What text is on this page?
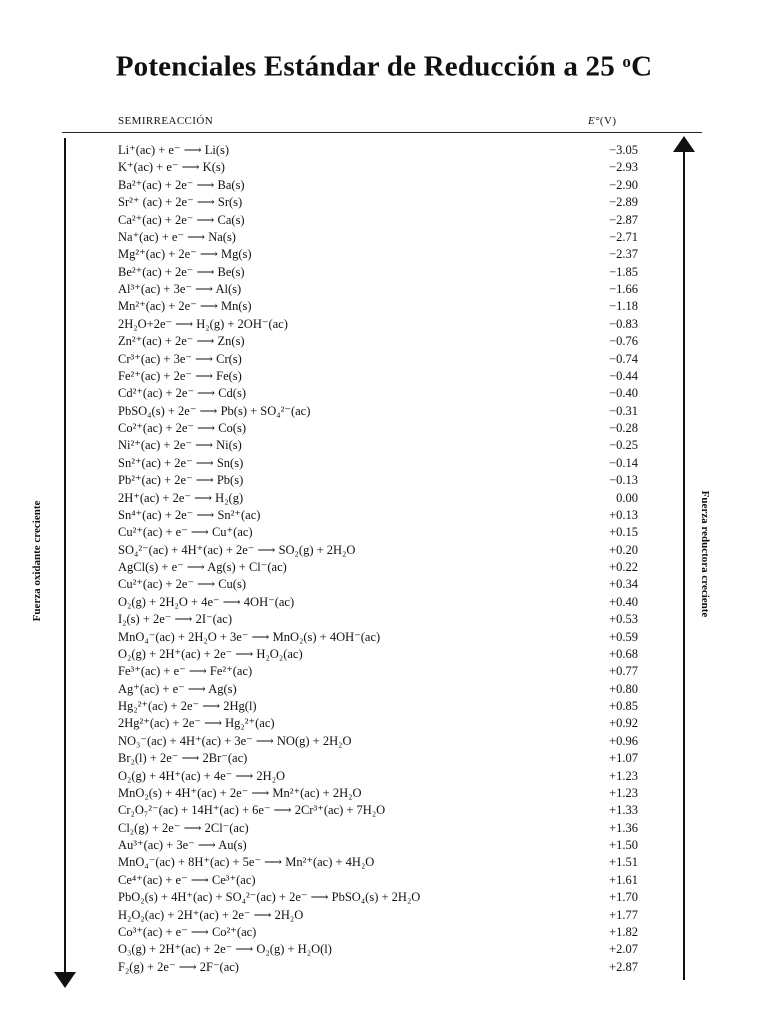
Potenciales Estándar de Reducción a 25 $^o$C
SEMIRREACCIÓN	E°(V)
Fuerza oxidante creciente	Fuerza reductora creciente
Li⁺(ac) + e⁻ ⟶ Li(s)	−3.05
K⁺(ac) + e⁻ ⟶ K(s)	−2.93
Ba²⁺(ac) + 2e⁻ ⟶ Ba(s)	−2.90
Sr²⁺ (ac) + 2e⁻ ⟶ Sr(s)	−2.89
Ca²⁺(ac) + 2e⁻ ⟶ Ca(s)	−2.87
Na⁺(ac) + e⁻ ⟶ Na(s)	−2.71
Mg²⁺(ac) + 2e⁻ ⟶ Mg(s)	−2.37
Be²⁺(ac) + 2e⁻ ⟶ Be(s)	−1.85
Al³⁺(ac) + 3e⁻ ⟶ Al(s)	−1.66
Mn²⁺(ac) + 2e⁻ ⟶ Mn(s)	−1.18
2H₂O+2e⁻ ⟶ H₂(g) + 2OH⁻(ac)	−0.83
Zn²⁺(ac) + 2e⁻ ⟶ Zn(s)	−0.76
Cr³⁺(ac) + 3e⁻ ⟶ Cr(s)	−0.74
Fe²⁺(ac) + 2e⁻ ⟶ Fe(s)	−0.44
Cd²⁺(ac) + 2e⁻ ⟶ Cd(s)	−0.40
PbSO₄(s) + 2e⁻ ⟶ Pb(s) + SO₄²⁻(ac)	−0.31
Co²⁺(ac) + 2e⁻ ⟶ Co(s)	−0.28
Ni²⁺(ac) + 2e⁻ ⟶ Ni(s)	−0.25
Sn²⁺(ac) + 2e⁻ ⟶ Sn(s)	−0.14
Pb²⁺(ac) + 2e⁻ ⟶ Pb(s)	−0.13
2H⁺(ac) + 2e⁻ ⟶ H₂(g)	0.00
Sn⁴⁺(ac) + 2e⁻ ⟶ Sn²⁺(ac)	+0.13
Cu²⁺(ac) + e⁻ ⟶ Cu⁺(ac)	+0.15
SO₄²⁻(ac) + 4H⁺(ac) + 2e⁻ ⟶ SO₂(g) + 2H₂O	+0.20
AgCl(s) + e⁻ ⟶ Ag(s) + Cl⁻(ac)	+0.22
Cu²⁺(ac) + 2e⁻ ⟶ Cu(s)	+0.34
O₂(g) + 2H₂O + 4e⁻ ⟶ 4OH⁻(ac)	+0.40
I₂(s) + 2e⁻ ⟶ 2I⁻(ac)	+0.53
MnO₄⁻(ac) + 2H₂O + 3e⁻ ⟶ MnO₂(s) + 4OH⁻(ac)	+0.59
O₂(g) + 2H⁺(ac) + 2e⁻ ⟶ H₂O₂(ac)	+0.68
Fe³⁺(ac) + e⁻ ⟶ Fe²⁺(ac)	+0.77
Ag⁺(ac) + e⁻ ⟶ Ag(s)	+0.80
Hg₂²⁺(ac) + 2e⁻ ⟶ 2Hg(l)	+0.85
2Hg²⁺(ac) + 2e⁻ ⟶ Hg₂²⁺(ac)	+0.92
NO₃⁻(ac) + 4H⁺(ac) + 3e⁻ ⟶ NO(g) + 2H₂O	+0.96
Br₂(l) + 2e⁻ ⟶ 2Br⁻(ac)	+1.07
O₂(g) + 4H⁺(ac) + 4e⁻ ⟶ 2H₂O	+1.23
MnO₂(s) + 4H⁺(ac) + 2e⁻ ⟶ Mn²⁺(ac) + 2H₂O	+1.23
Cr₂O₇²⁻(ac) + 14H⁺(ac) + 6e⁻ ⟶ 2Cr³⁺(ac) + 7H₂O	+1.33
Cl₂(g) + 2e⁻ ⟶ 2Cl⁻(ac)	+1.36
Au³⁺(ac) + 3e⁻ ⟶ Au(s)	+1.50
MnO₄⁻(ac) + 8H⁺(ac) + 5e⁻ ⟶ Mn²⁺(ac) + 4H₂O	+1.51
Ce⁴⁺(ac) + e⁻ ⟶ Ce³⁺(ac)	+1.61
PbO₂(s) + 4H⁺(ac) + SO₄²⁻(ac) + 2e⁻ ⟶ PbSO₄(s) + 2H₂O	+1.70
H₂O₂(ac) + 2H⁺(ac) + 2e⁻ ⟶ 2H₂O	+1.77
Co³⁺(ac) + e⁻ ⟶ Co²⁺(ac)	+1.82
O₃(g) + 2H⁺(ac) + 2e⁻ ⟶ O₂(g) + H₂O(l)	+2.07
F₂(g) + 2e⁻ ⟶ 2F⁻(ac)	+2.87
